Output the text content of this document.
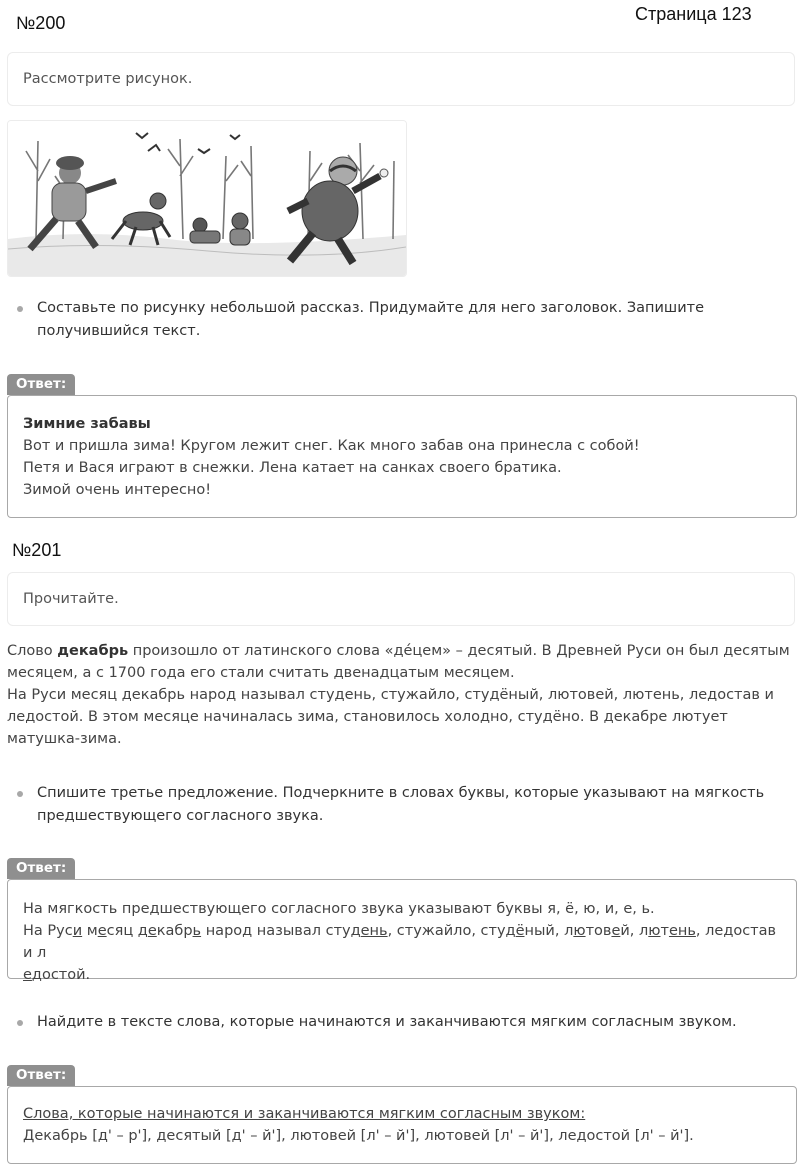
№200	Страница 123
Рассмотрите рисунок.
Составьте по рисунку небольшой рассказ. Придумайте для него заголовок. Запишите получившийся текст.
Ответ:
Зимние забавы
Вот и пришла зима! Кругом лежит снег. Как много забав она принесла с собой!
Петя и Вася играют в снежки. Лена катает на санках своего братика.
Зимой очень интересно!
№201
Прочитайте.
Слово декабрь произошло от латинского слова «де́цем» – десятый. В Древней Руси он был десятым месяцем, а с 1700 года его стали считать двенадцатым месяцем.
На Руси месяц декабрь народ называл студень, стужайло, студёный, лютовей, лютень, ледостав и ледостой. В этом месяце начиналась зима, становилось холодно, студёно. В декабре лютует матушка-зима.
Спишите третье предложение. Подчеркните в словах буквы, которые указывают на мягкость предшествующего согласного звука.
Ответ:
На мягкость предшествующего согласного звука указывают буквы я, ё, ю, и, е, ь.
На Руси месяц декабрь народ называл студень, стужайло, студёный, лютовей, лютень, ледостав и л
едостой.
Найдите в тексте слова, которые начинаются и заканчиваются мягким согласным звуком.
Ответ:
Слова, которые начинаются и заканчиваются мягким согласным звуком:
Декабрь [д' – р'], десятый [д' – й'], лютовей [л' – й'], лютовей [л' – й'], ледостой [л' – й'].
